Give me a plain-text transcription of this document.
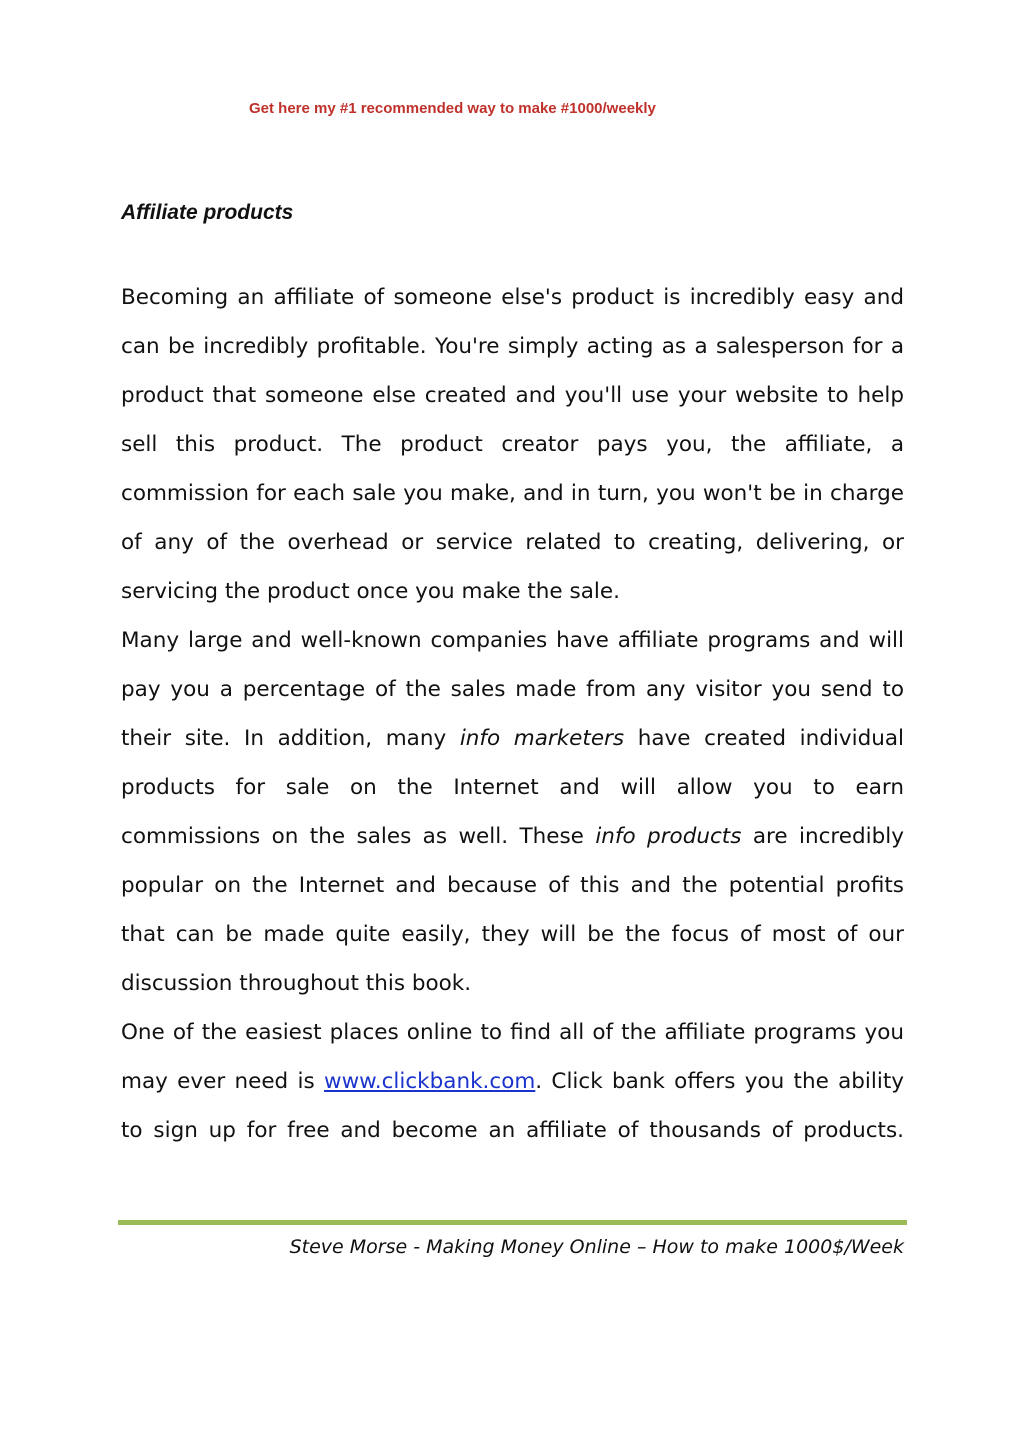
Get here my #1 recommended way to make #1000/weekly
Affiliate products
Becoming an affiliate of someone else's product is incredibly easy and
can be incredibly profitable. You're simply acting as a salesperson for a
product that someone else created and you'll use your website to help
sell this product. The product creator pays you, the affiliate, a
commission for each sale you make, and in turn, you won't be in charge
of any of the overhead or service related to creating, delivering, or
servicing the product once you make the sale.
Many large and well-known companies have affiliate programs and will
pay you a percentage of the sales made from any visitor you send to
their site. In addition, many info marketers have created individual
products for sale on the Internet and will allow you to earn
commissions on the sales as well. These info products are incredibly
popular on the Internet and because of this and the potential profits
that can be made quite easily, they will be the focus of most of our
discussion throughout this book.
One of the easiest places online to find all of the affiliate programs you
may ever need is www.clickbank.com. Click bank offers you the ability
to sign up for free and become an affiliate of thousands of products.
Steve Morse - Making Money Online – How to make 1000$/Week
